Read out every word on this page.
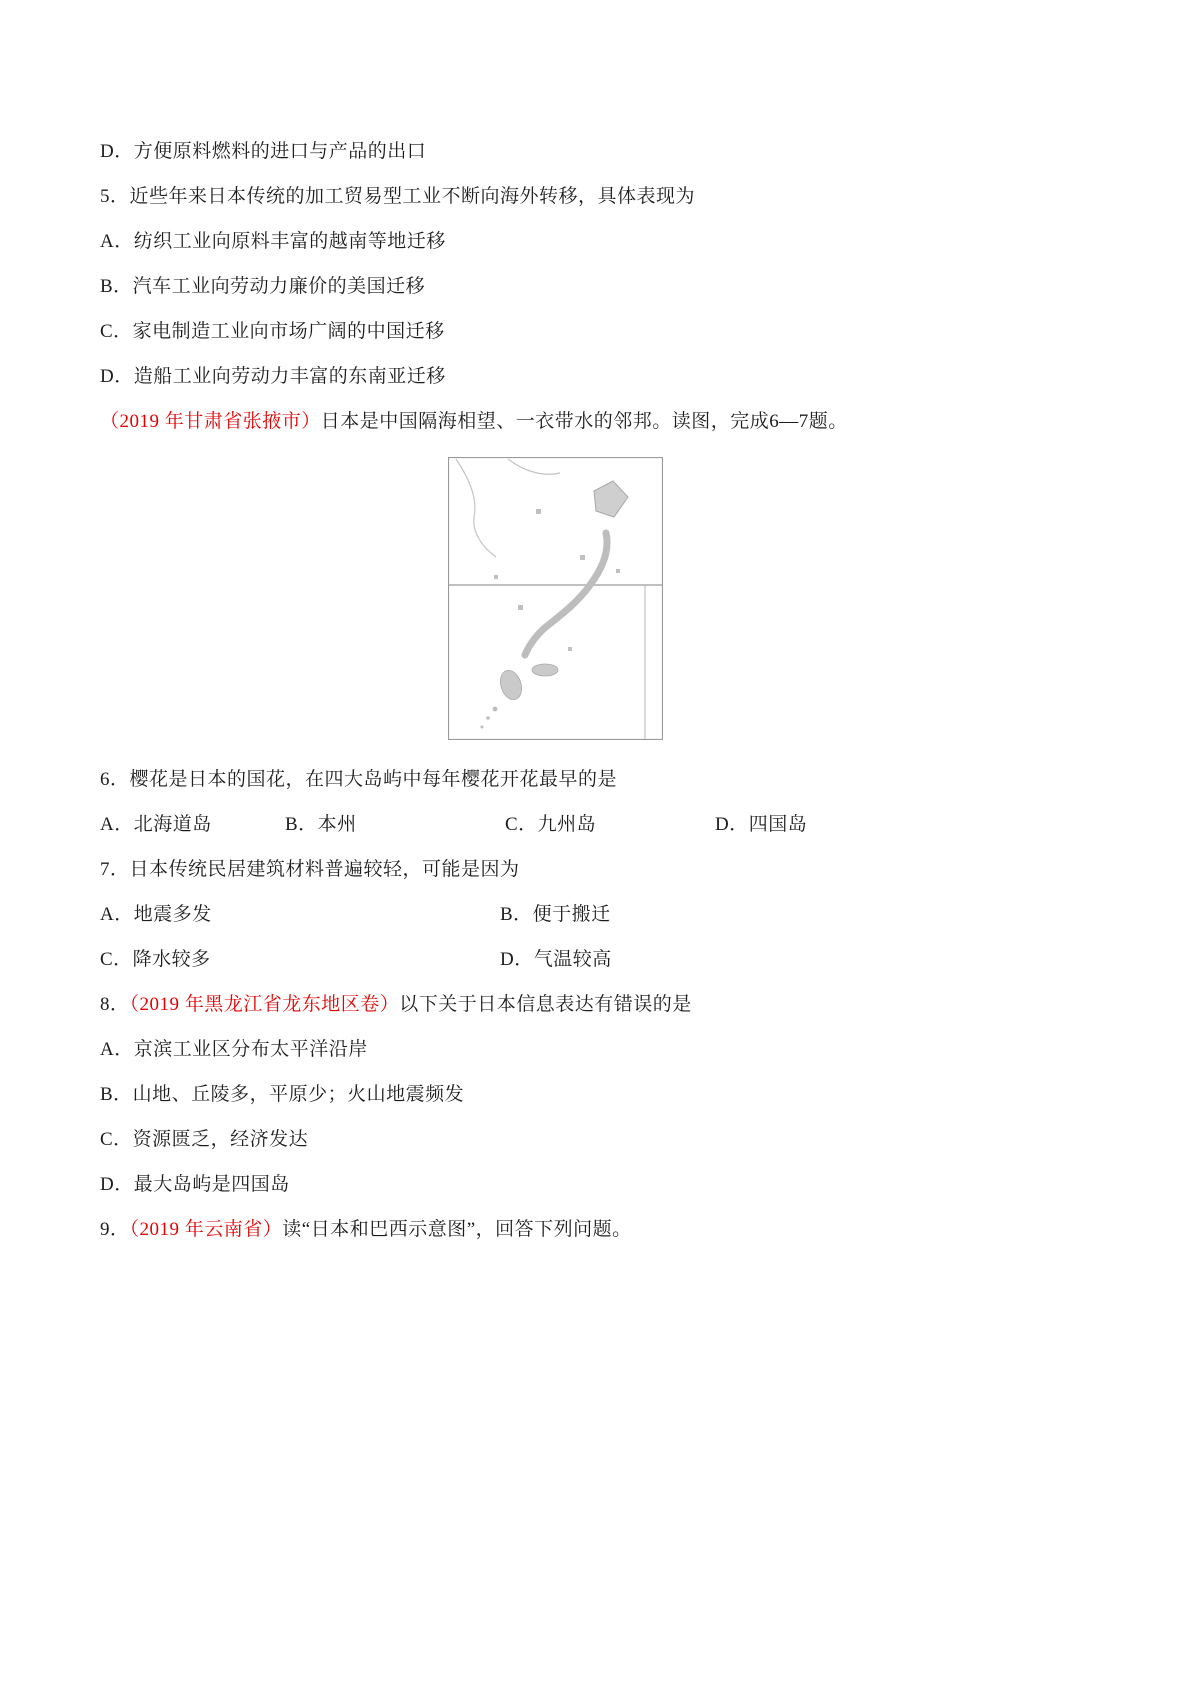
D．方便原料燃料的进口与产品的出口

5．近些年来日本传统的加工贸易型工业不断向海外转移，具体表现为

A．纺织工业向原料丰富的越南等地迁移

B．汽车工业向劳动力廉价的美国迁移

C．家电制造工业向市场广阔的中国迁移

D．造船工业向劳动力丰富的东南亚迁移

（2019 年甘肃省张掖市）日本是中国隔海相望、一衣带水的邻邦。读图，完成6—7题。

6．樱花是日本的国花，在四大岛屿中每年樱花开花最早的是

A．北海道岛	B．本州	C．九州岛	D．四国岛

7．日本传统民居建筑材料普遍较轻，可能是因为

A．地震多发	B．便于搬迁
C．降水较多	D．气温较高

8．（2019 年黑龙江省龙东地区卷）以下关于日本信息表达有错误的是

A．京滨工业区分布太平洋沿岸

B．山地、丘陵多，平原少；火山地震频发

C．资源匮乏，经济发达

D．最大岛屿是四国岛

9．（2019 年云南省）读“日本和巴西示意图”，回答下列问题。
